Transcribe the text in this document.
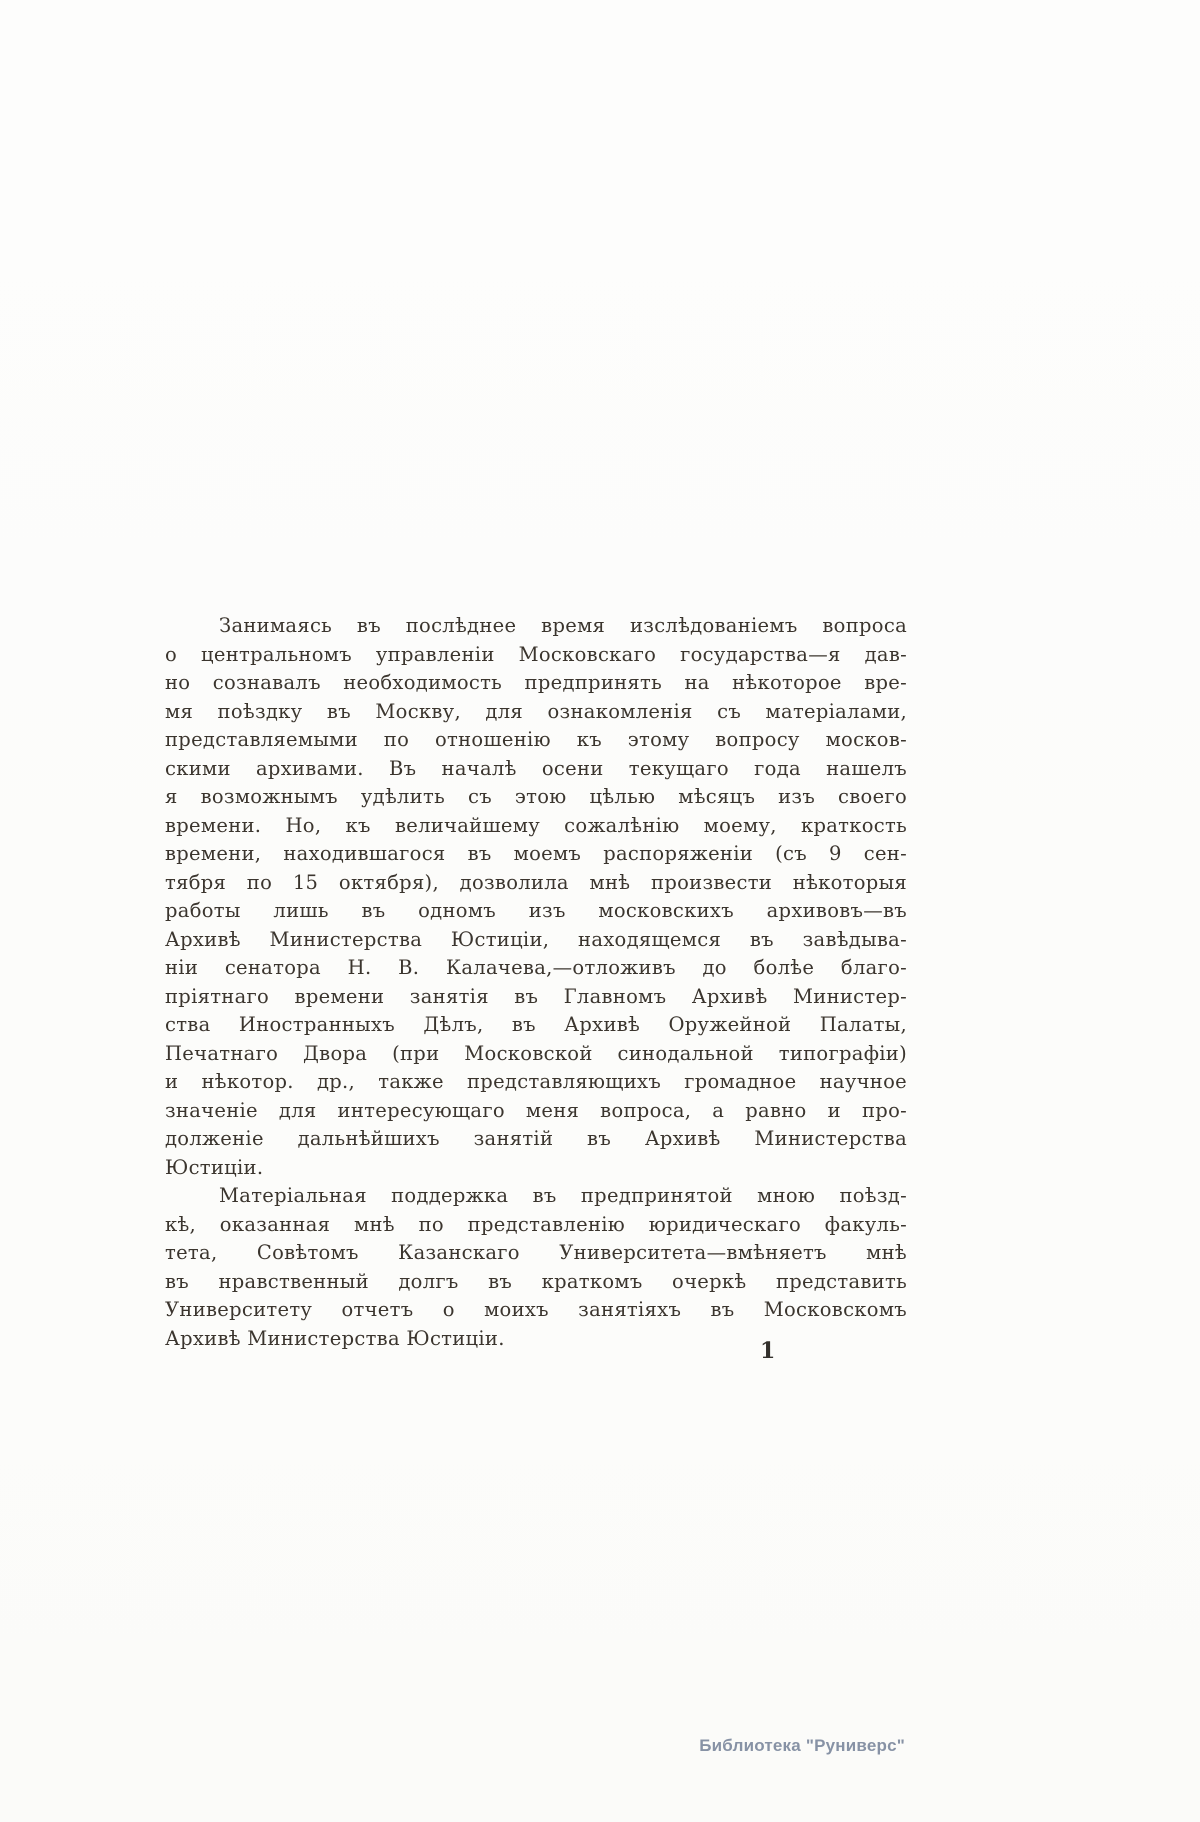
Занимаясь въ послѣднее время изслѣдованіемъ вопроса
о центральномъ управленіи Московскаго государства—я дав-
но сознавалъ необходимость предпринять на нѣкоторое вре-
мя поѣздку въ Москву, для ознакомленія съ матеріалами,
представляемыми по отношенію къ этому вопросу москов-
скими архивами. Въ началѣ осени текущаго года нашелъ
я возможнымъ удѣлить съ этою цѣлью мѣсяцъ изъ своего
времени. Но, къ величайшему сожалѣнію моему, краткость
времени, находившагося въ моемъ распоряженіи (съ 9 сен-
тября по 15 октября), дозволила мнѣ произвести нѣкоторыя
работы лишь въ одномъ изъ московскихъ архивовъ—въ
Архивѣ Министерства Юстиціи, находящемся въ завѣдыва-
ніи сенатора Н. В. Калачева,—отложивъ до болѣе благо-
пріятнаго времени занятія въ Главномъ Архивѣ Министер-
ства Иностранныхъ Дѣлъ, въ Архивѣ Оружейной Палаты,
Печатнаго Двора (при Московской синодальной типографіи)
и нѣкотор. др., также представляющихъ громадное научное
значеніе для интересующаго меня вопроса, а равно и про-
долженіе дальнѣйшихъ занятій въ Архивѣ Министерства
Юстиціи.
Матеріальная поддержка въ предпринятой мною поѣзд-
кѣ, оказанная мнѣ по представленію юридическаго факуль-
тета, Совѣтомъ Казанскаго Университета—вмѣняетъ мнѣ
въ нравственный долгъ въ краткомъ очеркѣ представить
Университету отчетъ о моихъ занятіяхъ въ Московскомъ
Архивѣ Министерства Юстиціи.	1
Библиотека "Руниверс"
